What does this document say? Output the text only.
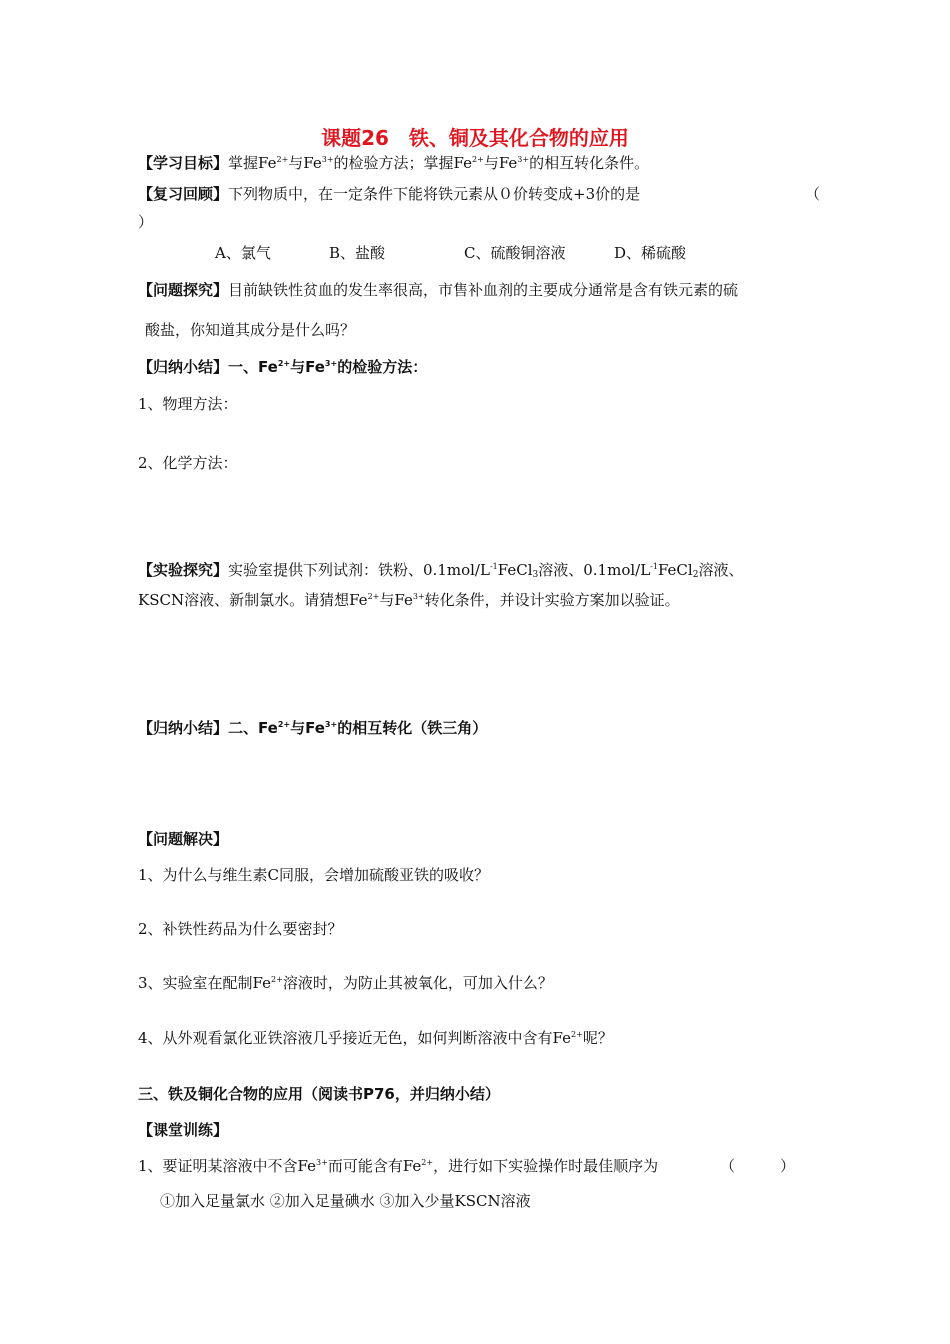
课题26　铁、铜及其化合物的应用
【学习目标】掌握$Fe^{2+}$与$Fe^{3+}$的检验方法；掌握$Fe^{2+}$与$Fe^{3+}$的相互转化条件。
【复习回顾】下列物质中，在一定条件下能将铁元素从０价转变成+3价的是	（
）
A、氯气	B、盐酸	C、硫酸铜溶液	D、稀硫酸
【问题探究】目前缺铁性贫血的发生率很高，市售补血剂的主要成分通常是含有铁元素的硫
酸盐，你知道其成分是什么吗？
【归纳小结】一、$Fe^{2+}$与$Fe^{3+}$的检验方法：
1、物理方法：
2、化学方法：
【实验探究】实验室提供下列试剂：铁粉、$0.1mol/L^{-1}FeCl_3$溶液、$0.1mol/L^{-1}FeCl_2$溶液、
KSCN溶液、新制氯水。请猜想$Fe^{2+}$与$Fe^{3+}$转化条件，并设计实验方案加以验证。
【归纳小结】二、$Fe^{2+}$与$Fe^{3+}$的相互转化（铁三角）
【问题解决】
1、为什么与维生素C同服，会增加硫酸亚铁的吸收？
2、补铁性药品为什么要密封？
3、实验室在配制$Fe^{2+}$溶液时，为防止其被氧化，可加入什么？
4、从外观看氯化亚铁溶液几乎接近无色，如何判断溶液中含有$Fe^{2+}$呢？
三、铁及铜化合物的应用（阅读书P76，并归纳小结）
【课堂训练】
1、要证明某溶液中不含$Fe^{3+}$而可能含有$Fe^{2+}$，进行如下实验操作时最佳顺序为	（　　　）
①加入足量氯水 ②加入足量碘水 ③加入少量KSCN溶液
